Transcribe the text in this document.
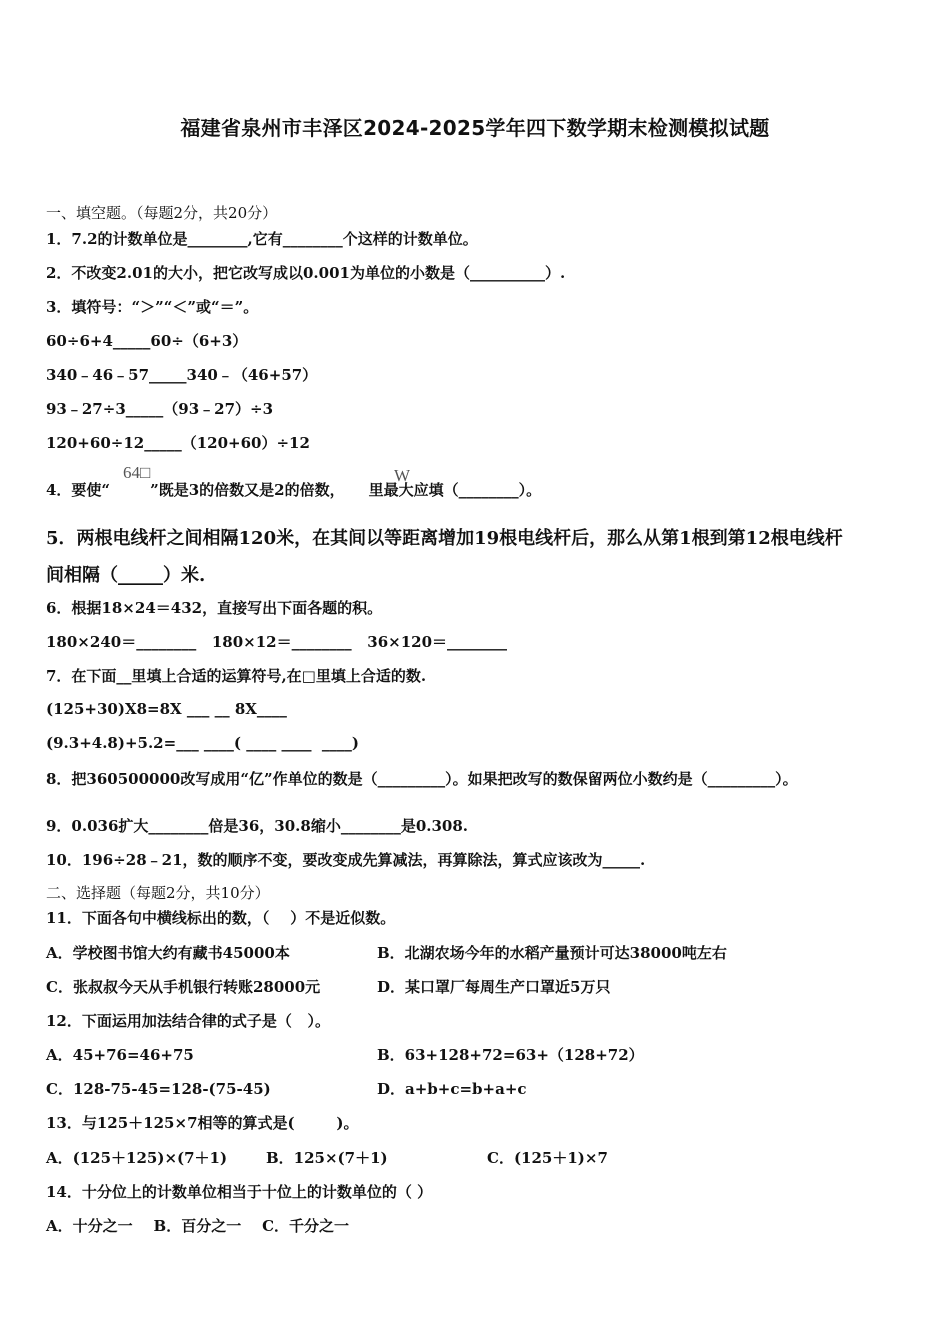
福建省泉州市丰泽区2024-2025学年四下数学期末检测模拟试题
一、填空题。（每题2分，共20分）
1．7.2的计数单位是________,它有________个这样的计数单位。
2．不改变2.01的大小，把它改写成以0.001为单位的小数是（__________）.
3．填符号：“＞”“＜”或“＝”。
60÷6+4_____60÷（6+3）
340﹣46﹣57_____340﹣（46+57）
93﹣27÷3_____（93﹣27）÷3
120+60÷12_____（120+60）÷12
4．要使“	”既是3的倍数又是2的倍数， 里最大应填（________）。
64□	W
5．两根电线杆之间相隔120米，在其间以等距离增加19根电线杆后，那么从第1根到第12根电线杆
间相隔（_____）米.
6．根据18×24＝432，直接写出下面各题的积。
180×240＝________   180×12＝________   36×120＝________
7．在下面__里填上合适的运算符号,在□里填上合适的数.
(125+30)X8=8X ___ __ 8X____
(9.3+4.8)+5.2=___ ____( ____ ____  ____)
8．把360500000改写成用“亿”作单位的数是（_________）。如果把改写的数保留两位小数约是（_________）。
9．0.036扩大________倍是36，30.8缩小________是0.308.
10．196÷28﹣21，数的顺序不变，要改变成先算减法，再算除法，算式应该改为_____.
二、选择题（每题2分，共10分）
11．下面各句中横线标出的数，（    ）不是近似数。
A．学校图书馆大约有藏书45000本	B．北湖农场今年的水稻产量预计可达38000吨左右
C．张叔叔今天从手机银行转账28000元	D．某口罩厂每周生产口罩近5万只
12．下面运用加法结合律的式子是（   ）。
A．45+76=46+75	B．63+128+72=63+（128+72）
C．128-75-45=128-(75-45)	D．a+b+c=b+a+c
13．与125＋125×7相等的算式是(        )。
A．(125＋125)×(7＋1)	B．125×(7＋1)	C．(125＋1)×7
14．十分位上的计数单位相当于十位上的计数单位的（ ）
A．十分之一    B．百分之一    C．千分之一
